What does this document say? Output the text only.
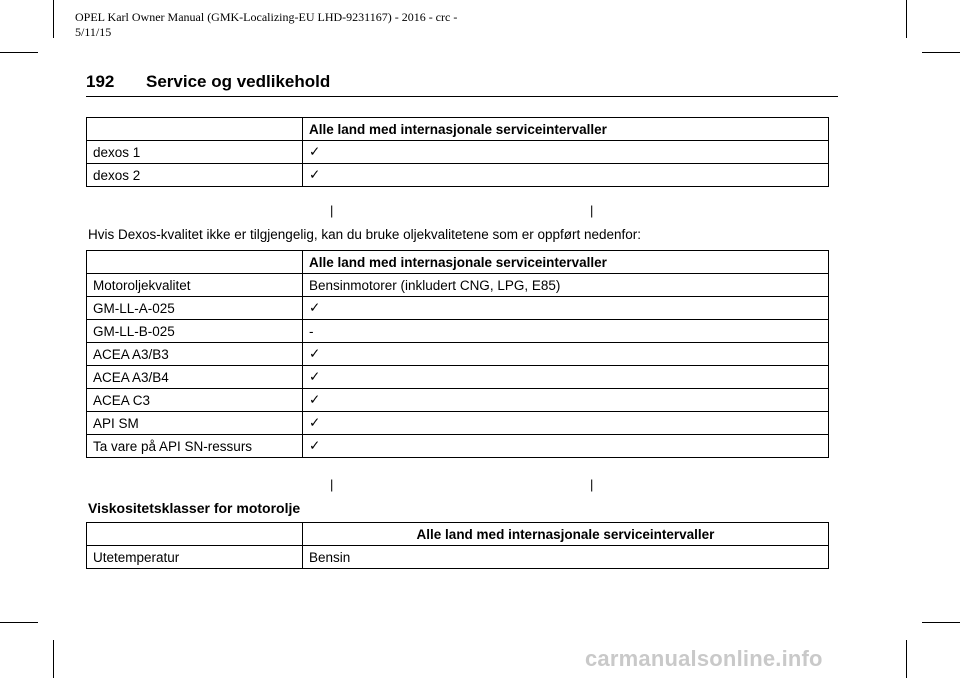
OPEL Karl Owner Manual (GMK-Localizing-EU LHD-9231167) - 2016 - crc -
5/11/15
192 Service og vedlikehold
	Alle land med internasjonale serviceintervaller
dexos 1	✓
dexos 2	✓
|	|
Hvis Dexos-kvalitet ikke er tilgjengelig, kan du bruke oljekvalitetene som er oppført nedenfor:
	Alle land med internasjonale serviceintervaller
Motoroljekvalitet	Bensinmotorer (inkludert CNG, LPG, E85)
GM-LL-A-025	✓
GM-LL-B-025	-
ACEA A3/B3	✓
ACEA A3/B4	✓
ACEA C3	✓
API SM	✓
Ta vare på API SN-ressurs	✓
|	|
Viskositetsklasser for motorolje
	Alle land med internasjonale serviceintervaller
Utetemperatur	Bensin
carmanualsonline.info
